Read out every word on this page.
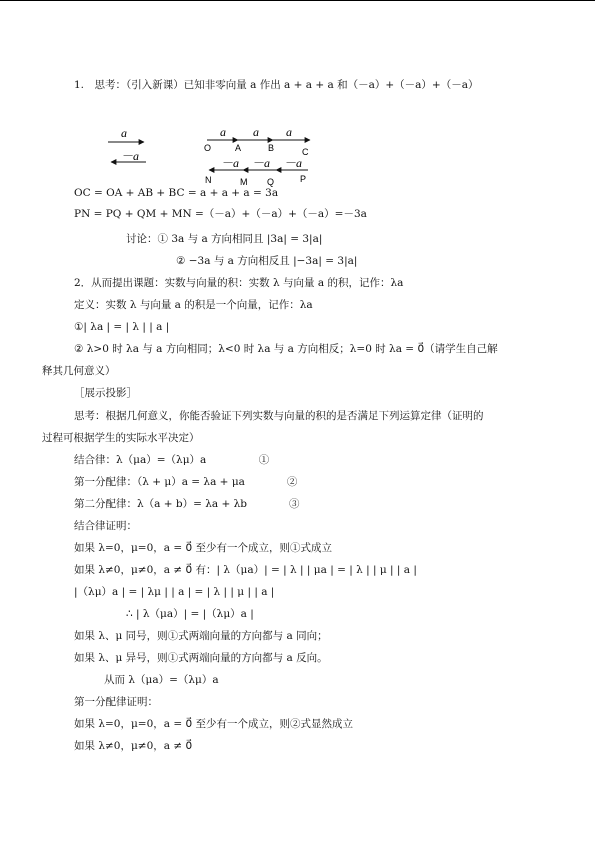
1.　思考：（引入新课）已知非零向量 a 作出 a + a + a 和（－a）+（－a）+（－a）
a
－a
a a a
O	A	B	C
－a －a －a
N	M Q	P
OC = OA + AB + BC = a + a + a = 3a
PN = PQ + QM + MN =（－a）+（－a）+（－a）=－3a
讨论：① 3a 与 a 方向相同且 |3a| = 3|a|
② −3a 与 a 方向相反且 |−3a| = 3|a|
2．从而提出课题：实数与向量的积：实数 λ 与向量 a 的积，记作：λa
定义：实数 λ 与向量 a 的积是一个向量，记作：λa
①| λa | = | λ | | a |
② λ>0 时 λa 与 a 方向相同；λ<0 时 λa 与 a 方向相反；λ=0 时 λa = 0⃗（请学生自己解
释其几何意义）
［展示投影］
思考：根据几何意义，你能否验证下列实数与向量的积的是否满足下列运算定律（证明的
过程可根据学生的实际水平决定）
结合律：λ（μa）=（λμ）a　　　　　①
第一分配律：（λ + μ）a = λa + μa　　　　②
第二分配律：λ（a + b）= λa + λb　　　　③
结合律证明：
如果 λ=0，μ=0，a = 0⃗ 至少有一个成立，则①式成立
如果 λ≠0，μ≠0，a ≠ 0⃗ 有：| λ（μa）| = | λ | | μa | = | λ | | μ | | a |
|（λμ）a | = | λμ | | a | = | λ | | μ | | a |
∴ | λ（μa）| = |（λμ）a |
如果 λ、μ 同号，则①式两端向量的方向都与 a 同向；
如果 λ、μ 异号，则①式两端向量的方向都与 a 反向。
从而 λ（μa）=（λμ）a
第一分配律证明：
如果 λ=0，μ=0，a = 0⃗ 至少有一个成立，则②式显然成立
如果 λ≠0，μ≠0，a ≠ 0⃗
